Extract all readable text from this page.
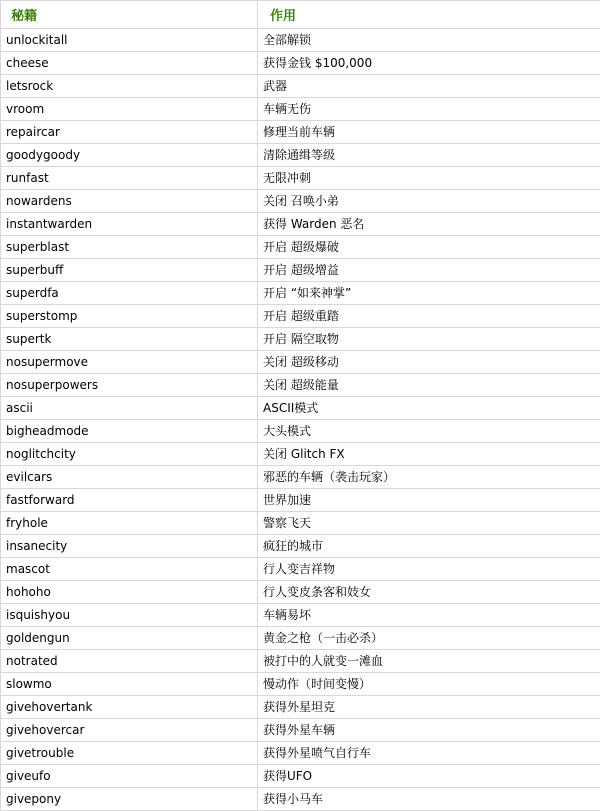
秘籍	作用
unlockitall	全部解锁
cheese	获得金钱 $100,000
letsrock	武器
vroom	车辆无伤
repaircar	修理当前车辆
goodygoody	清除通缉等级
runfast	无限冲刺
nowardens	关闭 召唤小弟
instantwarden	获得 Warden 恶名
superblast	开启 超级爆破
superbuff	开启 超级增益
superdfa	开启 “如来神掌”
superstomp	开启 超级重踏
supertk	开启 隔空取物
nosupermove	关闭 超级移动
nosuperpowers	关闭 超级能量
ascii	ASCII模式
bigheadmode	大头模式
noglitchcity	关闭 Glitch FX
evilcars	邪恶的车辆（袭击玩家）
fastforward	世界加速
fryhole	警察飞天
insanecity	疯狂的城市
mascot	行人变吉祥物
hohoho	行人变皮条客和妓女
isquishyou	车辆易坏
goldengun	黄金之枪（一击必杀）
notrated	被打中的人就变一滩血
slowmo	慢动作（时间变慢）
givehovertank	获得外星坦克
givehovercar	获得外星车辆
givetrouble	获得外星喷气自行车
giveufo	获得UFO
givepony	获得小马车
